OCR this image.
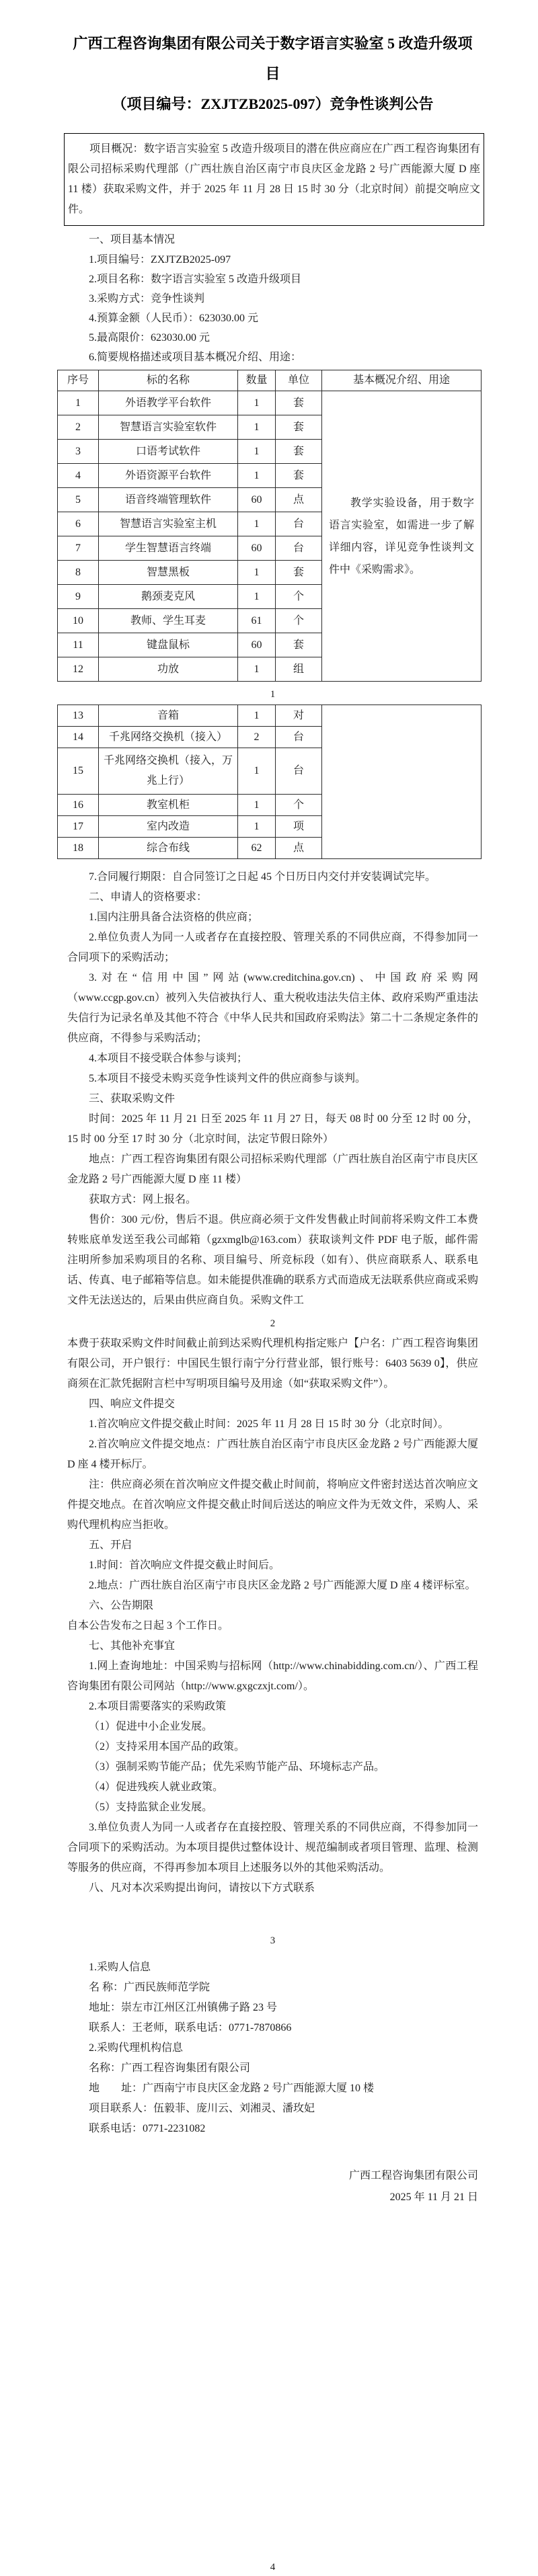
广西工程咨询集团有限公司关于数字语言实验室 5 改造升级项目
（项目编号：ZXJTZB2025-097）竞争性谈判公告
项目概况：数字语言实验室 5 改造升级项目的潜在供应商应在广西工程咨询集团有限公司招标采购代理部（广西壮族自治区南宁市良庆区金龙路 2 号广西能源大厦 D 座 11 楼）获取采购文件，并于 2025 年 11 月 28 日 15 时 30 分（北京时间）前提交响应文件。

一、项目基本情况

1.项目编号：ZXJTZB2025-097

2.项目名称：数字语言实验室 5 改造升级项目

3.采购方式：竞争性谈判

4.预算金额（人民币）：623030.00 元

5.最高限价：623030.00 元

6.简要规格描述或项目基本概况介绍、用途：

序号	标的名称	数量	单位	基本概况介绍、用途
1	外语教学平台软件	1	套	教学实验设备，用于数字语言实验室，如需进一步了解详细内容，详见竞争性谈判文件中《采购需求》。
2	智慧语言实验室软件	1	套	
3	口语考试软件	1	套	
4	外语资源平台软件	1	套	
5	语音终端管理软件	60	点	
6	智慧语言实验室主机	1	台	
7	学生智慧语言终端	60	台	
8	智慧黑板	1	套	
9	鹅颈麦克风	1	个	
10	教师、学生耳麦	61	个	
11	键盘鼠标	60	套	
12	功放	1	组	
1
13	音箱	1	对	
14	千兆网络交换机（接入）	2	台	
15	千兆网络交换机（接入，万兆上行）	1	台	
16	教室机柜	1	个	
17	室内改造	1	项	
18	综合布线	62	点	

7.合同履行期限：自合同签订之日起 45 个日历日内交付并安装调试完毕。

二、申请人的资格要求：

1.国内注册具备合法资格的供应商；

2.单位负责人为同一人或者存在直接控股、管理关系的不同供应商，不得参加同一合同项下的采购活动；

3.对在“信用中国”网站(www.creditchina.gov.cn)、中国政府采购网（www.ccgp.gov.cn）被列入失信被执行人、重大税收违法失信主体、政府采购严重违法失信行为记录名单及其他不符合《中华人民共和国政府采购法》第二十二条规定条件的供应商，不得参与采购活动；

4.本项目不接受联合体参与谈判；

5.本项目不接受未购买竞争性谈判文件的供应商参与谈判。

三、获取采购文件

时间：2025 年 11 月 21 日至 2025 年 11 月 27 日，每天 08 时 00 分至 12 时 00 分，15 时 00 分至 17 时 30 分（北京时间，法定节假日除外）

地点：广西工程咨询集团有限公司招标采购代理部（广西壮族自治区南宁市良庆区金龙路 2 号广西能源大厦 D 座 11 楼）

获取方式：网上报名。

售价：300 元/份，售后不退。供应商必须于文件发售截止时间前将采购文件工本费转账底单发送至我公司邮箱（gzxmglb@163.com）获取谈判文件 PDF 电子版，邮件需注明所参加采购项目的名称、项目编号、所竞标段（如有）、供应商联系人、联系电话、传真、电子邮箱等信息。如未能提供准确的联系方式而造成无法联系供应商或采购文件无法送达的，后果由供应商自负。采购文件工

2

本费于获取采购文件时间截止前到达采购代理机构指定账户【户名：广西工程咨询集团有限公司，开户银行：中国民生银行南宁分行营业部，银行账号：6403 5639 0】，供应商须在汇款凭据附言栏中写明项目编号及用途（如“获取采购文件”）。

四、响应文件提交

1.首次响应文件提交截止时间：2025 年 11 月 28 日 15 时 30 分（北京时间）。

2.首次响应文件提交地点：广西壮族自治区南宁市良庆区金龙路 2 号广西能源大厦 D 座 4 楼开标厅。

注：供应商必须在首次响应文件提交截止时间前，将响应文件密封送达首次响应文件提交地点。在首次响应文件提交截止时间后送达的响应文件为无效文件，采购人、采购代理机构应当拒收。

五、开启

1.时间：首次响应文件提交截止时间后。

2.地点：广西壮族自治区南宁市良庆区金龙路 2 号广西能源大厦 D 座 4 楼评标室。

六、公告期限

自本公告发布之日起 3 个工作日。

七、其他补充事宜

1.网上查询地址：中国采购与招标网（http://www.chinabidding.com.cn/）、广西工程咨询集团有限公司网站（http://www.gxgczxjt.com/）。

2.本项目需要落实的采购政策

（1）促进中小企业发展。

（2）支持采用本国产品的政策。

（3）强制采购节能产品；优先采购节能产品、环境标志产品。

（4）促进残疾人就业政策。

（5）支持监狱企业发展。

3.单位负责人为同一人或者存在直接控股、管理关系的不同供应商，不得参加同一合同项下的采购活动。为本项目提供过整体设计、规范编制或者项目管理、监理、检测等服务的供应商，不得再参加本项目上述服务以外的其他采购活动。

八、凡对本次采购提出询问，请按以下方式联系

3

1.采购人信息

名 称：广西民族师范学院

地址：崇左市江州区江州镇佛子路 23 号

联系人：王老师，联系电话：0771-7870866

2.采购代理机构信息

名称：广西工程咨询集团有限公司

地　　址：广西南宁市良庆区金龙路 2 号广西能源大厦 10 楼

项目联系人：伍毅菲、庞川云、刘湘灵、潘玫妃

联系电话：0771-2231082

广西工程咨询集团有限公司
2025 年 11 月 21 日
4
